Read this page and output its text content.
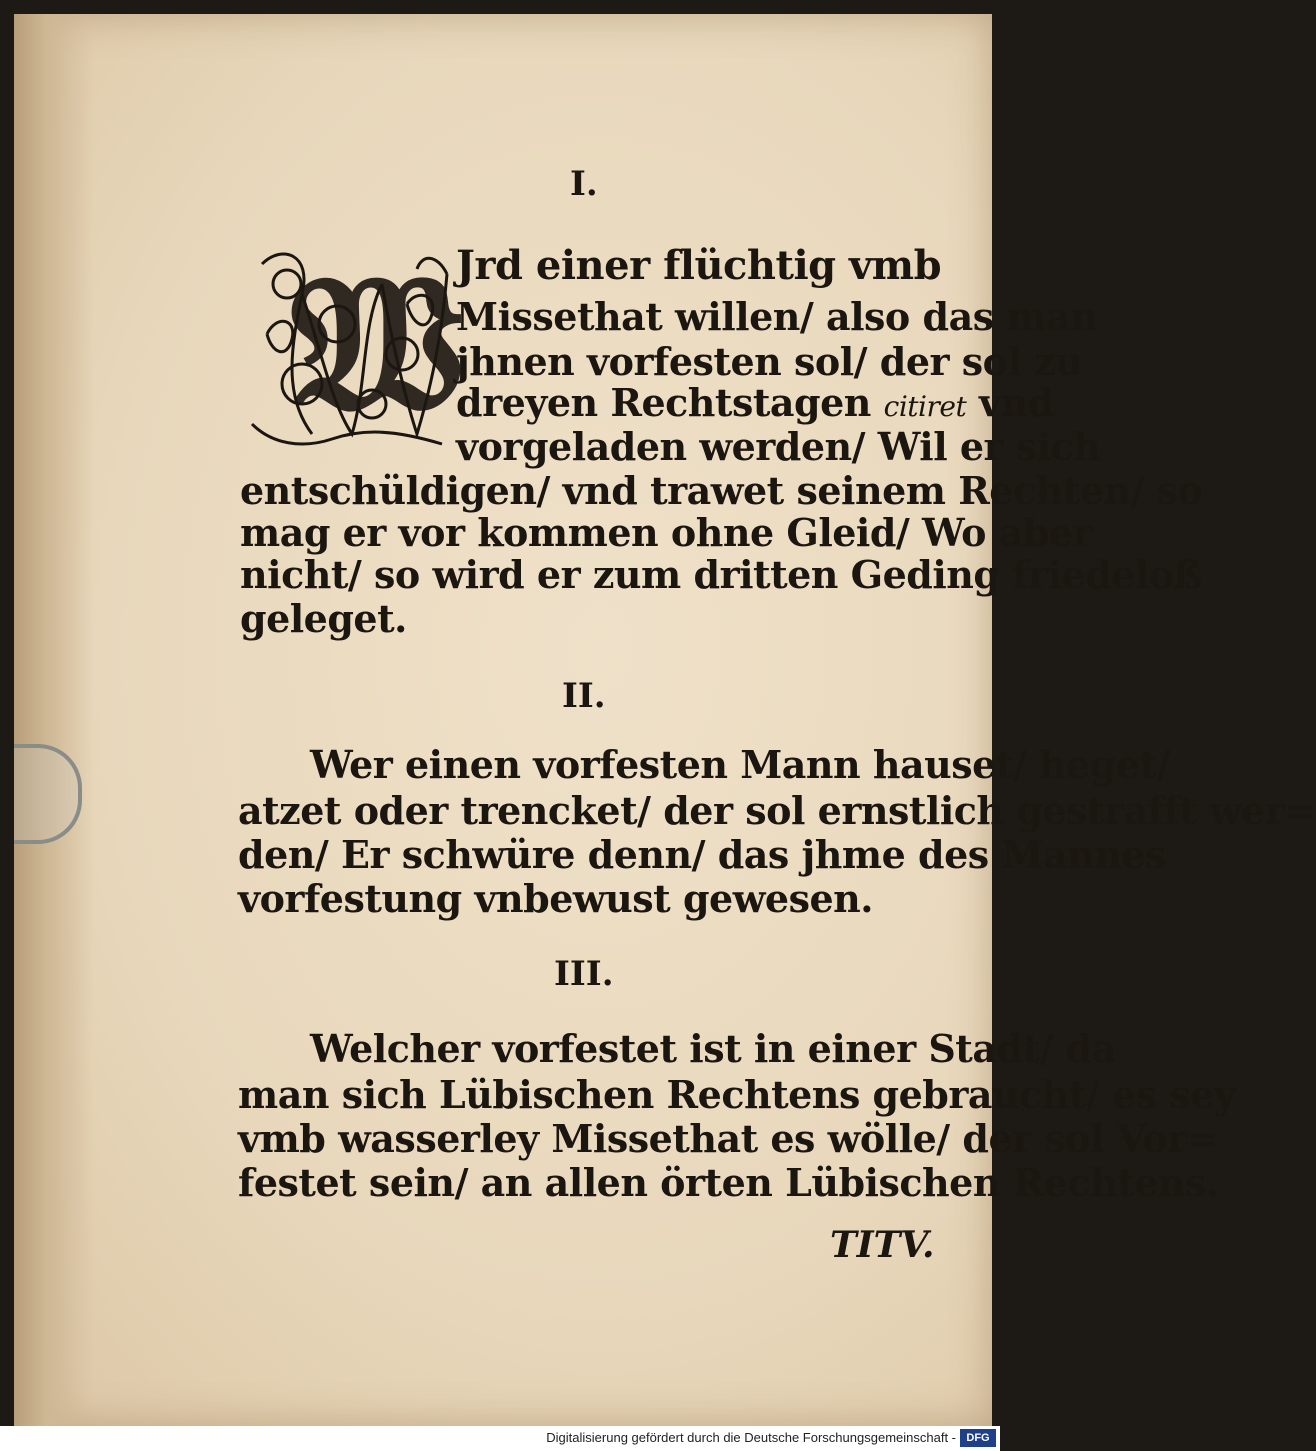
I.
𝔚
Jrd einer flüchtig vmb
Missethat willen/ also das man
jhnen vorfesten sol/ der sol zu
dreyen Rechtstagen citiret vnd
vorgeladen werden/ Wil er sich
entschüldigen/ vnd trawet seinem Rechten/ so
mag er vor kommen ohne Gleid/ Wo aber
nicht/ so wird er zum dritten Geding friedeloß
geleget.
II.
Wer einen vorfesten Mann hauset/ heget/
atzet oder trencket/ der sol ernstlich gestrafft wer=
den/ Er schwüre denn/ das jhme des Mannes
vorfestung vnbewust gewesen.
III.
Welcher vorfestet ist in einer Stadt/ da
man sich Lübischen Rechtens gebraucht/ es sey
vmb wasserley Missethat es wölle/ der sol Vor=
festet sein/ an allen örten Lübischen Rechtens.
TITV.
Digitalisierung gefördert durch die Deutsche Forschungsgemeinschaft - DFG
